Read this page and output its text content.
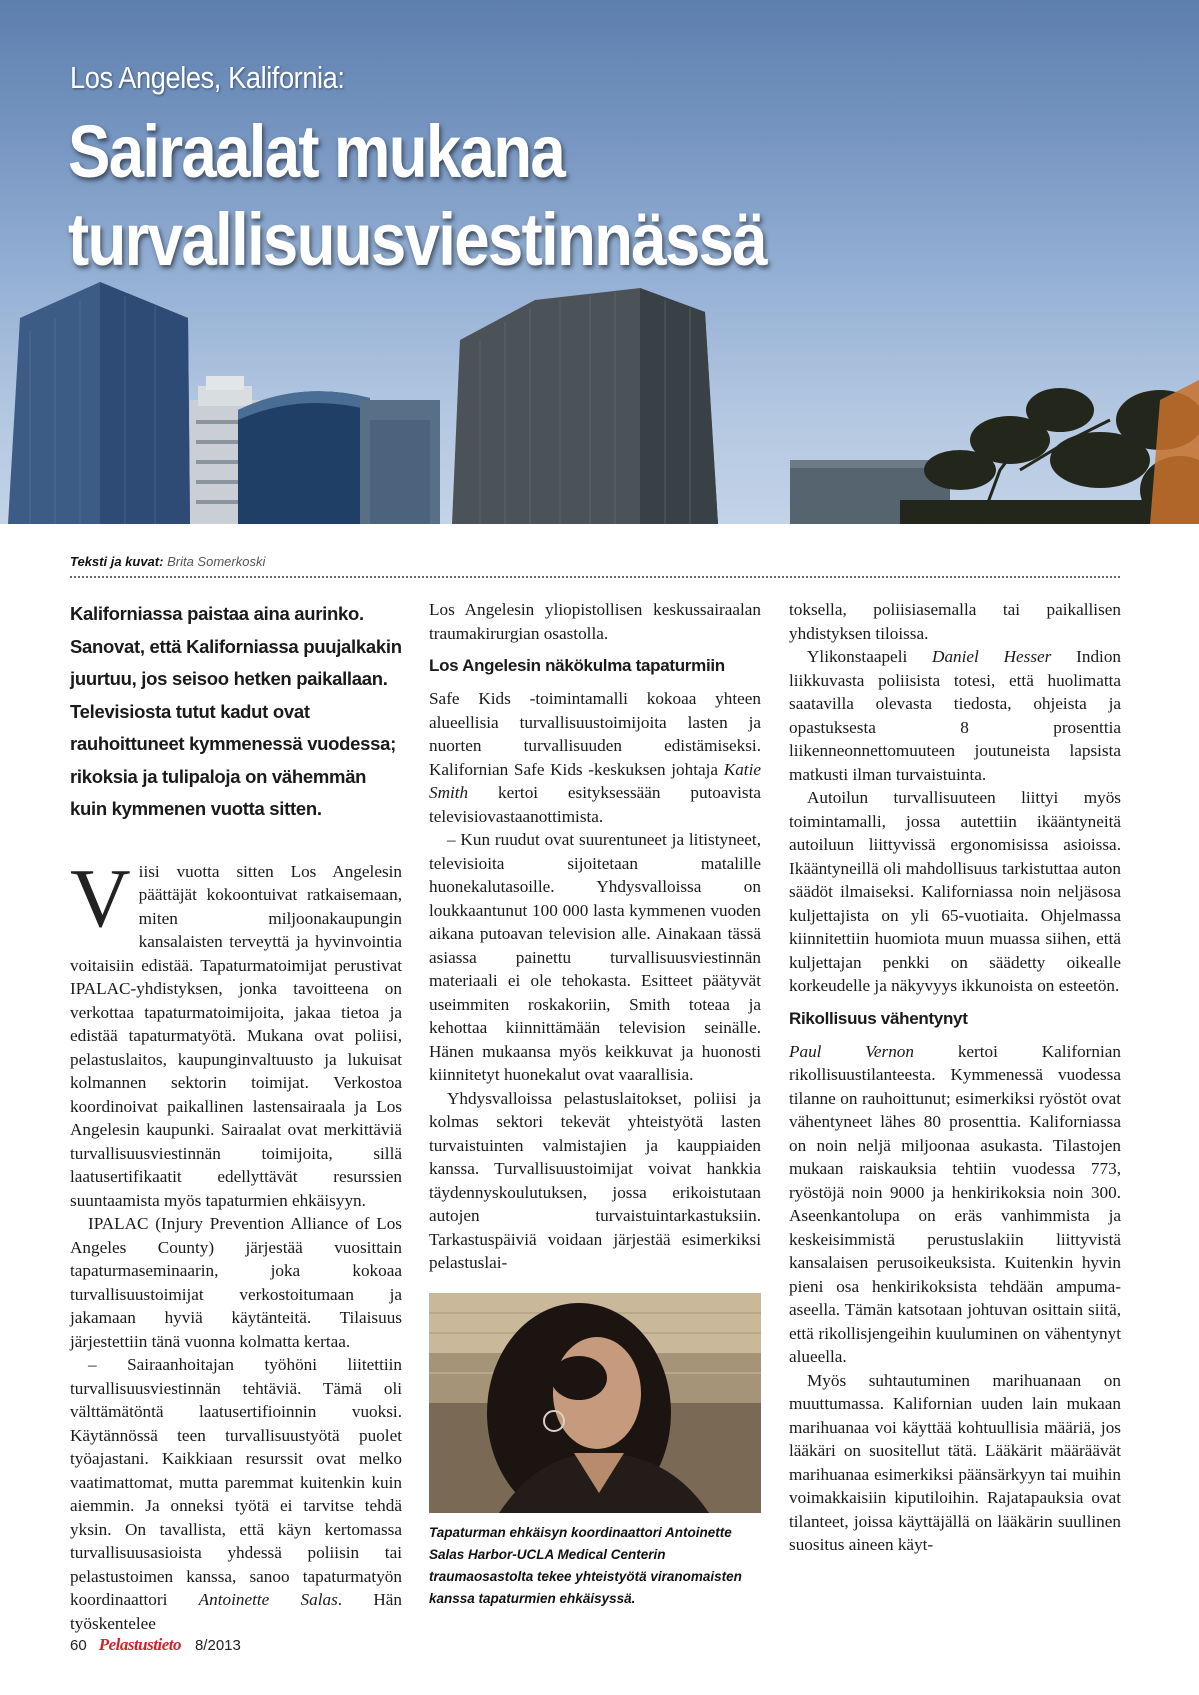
Los Angeles, Kalifornia:
Sairaalat mukana
turvallisuusviestinnässä
Teksti ja kuvat: Brita Somerkoski
Kaliforniassa paistaa aina aurinko. Sanovat, että Kaliforniassa puujalkakin juurtuu, jos seisoo hetken paikallaan. Televisiosta tutut kadut ovat rauhoittuneet kymmenessä vuodessa; rikoksia ja tulipaloja on vähemmän kuin kymmenen vuotta sitten.

Viisi vuotta sitten Los Angelesin päättäjät kokoontuivat ratkaisemaan, miten miljoonakaupungin kansalaisten terveyttä ja hyvinvointia voitaisiin edistää. Tapaturmatoimijat perustivat IPALAC-yhdistyksen, jonka tavoitteena on verkottaa tapaturmatoimijoita, jakaa tietoa ja edistää tapaturmatyötä. Mukana ovat poliisi, pelastuslaitos, kaupunginvaltuusto ja lukuisat kolmannen sektorin toimijat. Verkostoa koordinoivat paikallinen lastensairaala ja Los Angelesin kaupunki. Sairaalat ovat merkittäviä turvallisuusviestinnän toimijoita, sillä laatusertifikaatit edellyttävät resurssien suuntaamista myös tapaturmien ehkäisyyn.

IPALAC (Injury Prevention Alliance of Los Angeles County) järjestää vuosittain tapaturmaseminaarin, joka kokoaa turvallisuustoimijat verkostoitumaan ja jakamaan hyviä käytänteitä. Tilaisuus järjestettiin tänä vuonna kolmatta kertaa.

– Sairaanhoitajan työhöni liitettiin turvallisuusviestinnän tehtäviä. Tämä oli välttämätöntä laatusertifioinnin vuoksi. Käytännössä teen turvallisuustyötä puolet työajastani. Kaikkiaan resurssit ovat melko vaatimattomat, mutta paremmat kuitenkin kuin aiemmin. Ja onneksi työtä ei tarvitse tehdä yksin. On tavallista, että käyn kertomassa turvallisuusasioista yhdessä poliisin tai pelastustoimen kanssa, sanoo tapaturmatyön koordinaattori Antoinette Salas. Hän työskentelee

Los Angelesin yliopistollisen keskussairaalan traumakirurgian osastolla.

Los Angelesin näkökulma tapaturmiin

Safe Kids -toimintamalli kokoaa yhteen alueellisia turvallisuustoimijoita lasten ja nuorten turvallisuuden edistämiseksi. Kalifornian Safe Kids -keskuksen johtaja Katie Smith kertoi esityksessään putoavista televisiovastaanottimista.

– Kun ruudut ovat suurentuneet ja litistyneet, televisioita sijoitetaan matalille huonekalutasoille. Yhdysvalloissa on loukkaantunut 100 000 lasta kymmenen vuoden aikana putoavan television alle. Ainakaan tässä asiassa painettu turvallisuusviestinnän materiaali ei ole tehokasta. Esitteet päätyvät useimmiten roskakoriin, Smith toteaa ja kehottaa kiinnittämään television seinälle. Hänen mukaansa myös keikkuvat ja huonosti kiinnitetyt huonekalut ovat vaarallisia.

Yhdysvalloissa pelastuslaitokset, poliisi ja kolmas sektori tekevät yhteistyötä lasten turvaistuinten valmistajien ja kauppiaiden kanssa. Turvallisuustoimijat voivat hankkia täydennyskoulutuksen, jossa erikoistutaan autojen turvaistuintarkastuksiin. Tarkastuspäiviä voidaan järjestää esimerkiksi pelastuslai-

Tapaturman ehkäisyn koordinaattori Antoinette Salas Harbor-UCLA Medical Centerin traumaosastolta tekee yhteistyötä viranomaisten kanssa tapaturmien ehkäisyssä.

toksella, poliisiasemalla tai paikallisen yhdistyksen tiloissa.

Ylikonstaapeli Daniel Hesser Indion liikkuvasta poliisista totesi, että huolimatta saatavilla olevasta tiedosta, ohjeista ja opastuksesta 8 prosenttia liikenneonnettomuuteen joutuneista lapsista matkusti ilman turvaistuinta.

Autoilun turvallisuuteen liittyi myös toimintamalli, jossa autettiin ikääntyneitä autoiluun liittyvissä ergonomisissa asioissa. Ikääntyneillä oli mahdollisuus tarkistuttaa auton säädöt ilmaiseksi. Kaliforniassa noin neljäsosa kuljettajista on yli 65-vuotiaita. Ohjelmassa kiinnitettiin huomiota muun muassa siihen, että kuljettajan penkki on säädetty oikealle korkeudelle ja näkyvyys ikkunoista on esteetön.

Rikollisuus vähentynyt

Paul Vernon kertoi Kalifornian rikollisuustilanteesta. Kymmenessä vuodessa tilanne on rauhoittunut; esimerkiksi ryöstöt ovat vähentyneet lähes 80 prosenttia. Kaliforniassa on noin neljä miljoonaa asukasta. Tilastojen mukaan raiskauksia tehtiin vuodessa 773, ryöstöjä noin 9000 ja henkirikoksia noin 300. Aseenkantolupa on eräs vanhimmista ja keskeisimmistä perustuslakiin liittyvistä kansalaisen perusoikeuksista. Kuitenkin hyvin pieni osa henkirikoksista tehdään ampuma-aseella. Tämän katsotaan johtuvan osittain siitä, että rikollisjengeihin kuuluminen on vähentynyt alueella.

Myös suhtautuminen marihuanaan on muuttumassa. Kalifornian uuden lain mukaan marihuanaa voi käyttää kohtuullisia määriä, jos lääkäri on suositellut tätä. Lääkärit määräävät marihuanaa esimerkiksi päänsärkyyn tai muihin voimakkaisiin kiputiloihin. Rajatapauksia ovat tilanteet, joissa käyttäjällä on lääkärin suullinen suositus aineen käyt-

60 Pelastustieto 8/2013
